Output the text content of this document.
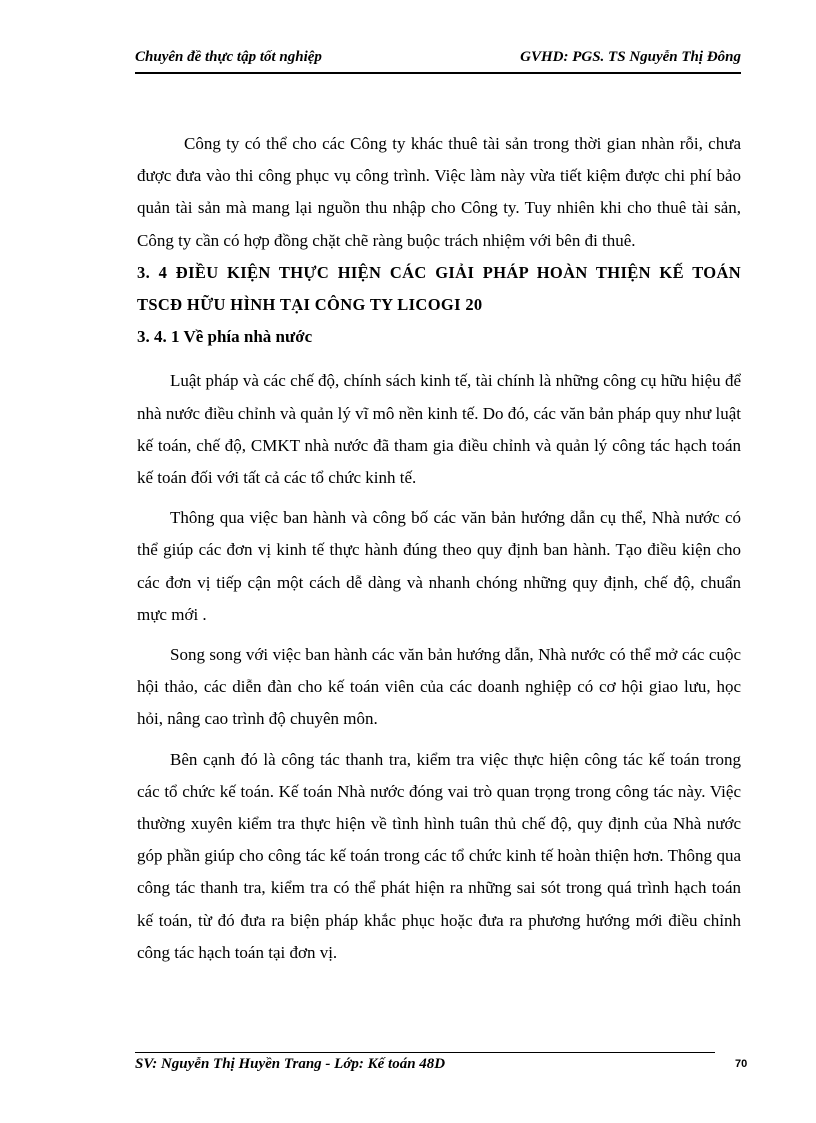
Chuyên đề thực tập tốt nghiệp	GVHD: PGS. TS Nguyễn Thị Đông

Công ty có thể cho các Công ty khác thuê tài sản trong thời gian nhàn rỗi, chưa được đưa vào thi công phục vụ công trình. Việc làm này vừa tiết kiệm được chi phí bảo quản tài sản mà mang lại nguồn thu nhập cho Công ty. Tuy nhiên khi cho thuê tài sản, Công ty cần có hợp đồng chặt chẽ ràng buộc trách nhiệm với bên đi thuê.

3. 4 ĐIỀU KIỆN THỰC HIỆN CÁC GIẢI PHÁP HOÀN THIỆN KẾ TOÁN TSCĐ HỮU HÌNH TẠI CÔNG TY LICOGI 20
3. 4. 1 Về phía nhà nước

Luật pháp và các chế độ, chính sách kinh tế, tài chính là những công cụ hữu hiệu để nhà nước điều chỉnh và quản lý vĩ mô nền kinh tế. Do đó, các văn bản pháp quy như luật kế toán, chế độ, CMKT nhà nước đã tham gia điều chỉnh và quản lý công tác hạch toán kế toán đối với tất cả các tổ chức kinh tế.

Thông qua việc ban hành và công bố các văn bản hướng dẫn cụ thể, Nhà nước có thể giúp các đơn vị kinh tế thực hành đúng theo quy định ban hành. Tạo điều kiện cho các đơn vị tiếp cận một cách dễ dàng và nhanh chóng những quy định, chế độ, chuẩn mực mới .

Song song với việc ban hành các văn bản hướng dẫn, Nhà nước có thể mở các cuộc hội thảo, các diễn đàn cho kế toán viên của các doanh nghiệp có cơ hội giao lưu, học hỏi, nâng cao trình độ chuyên môn.

Bên cạnh đó là công tác thanh tra, kiểm tra việc thực hiện công tác kế toán trong các tổ chức kế toán. Kế toán Nhà nước đóng vai trò quan trọng trong công tác này. Việc thường xuyên kiểm tra thực hiện về tình hình tuân thủ chế độ, quy định của Nhà nước góp phần giúp cho công tác kế toán trong các tổ chức kinh tế hoàn thiện hơn. Thông qua công tác thanh tra, kiểm tra có thể phát hiện ra những sai sót trong quá trình hạch toán kế toán, từ đó đưa ra biện pháp khắc phục hoặc đưa ra phương hướng mới điều chỉnh công tác hạch toán tại đơn vị.

SV: Nguyễn Thị Huyền Trang - Lớp: Kế toán 48D	70
